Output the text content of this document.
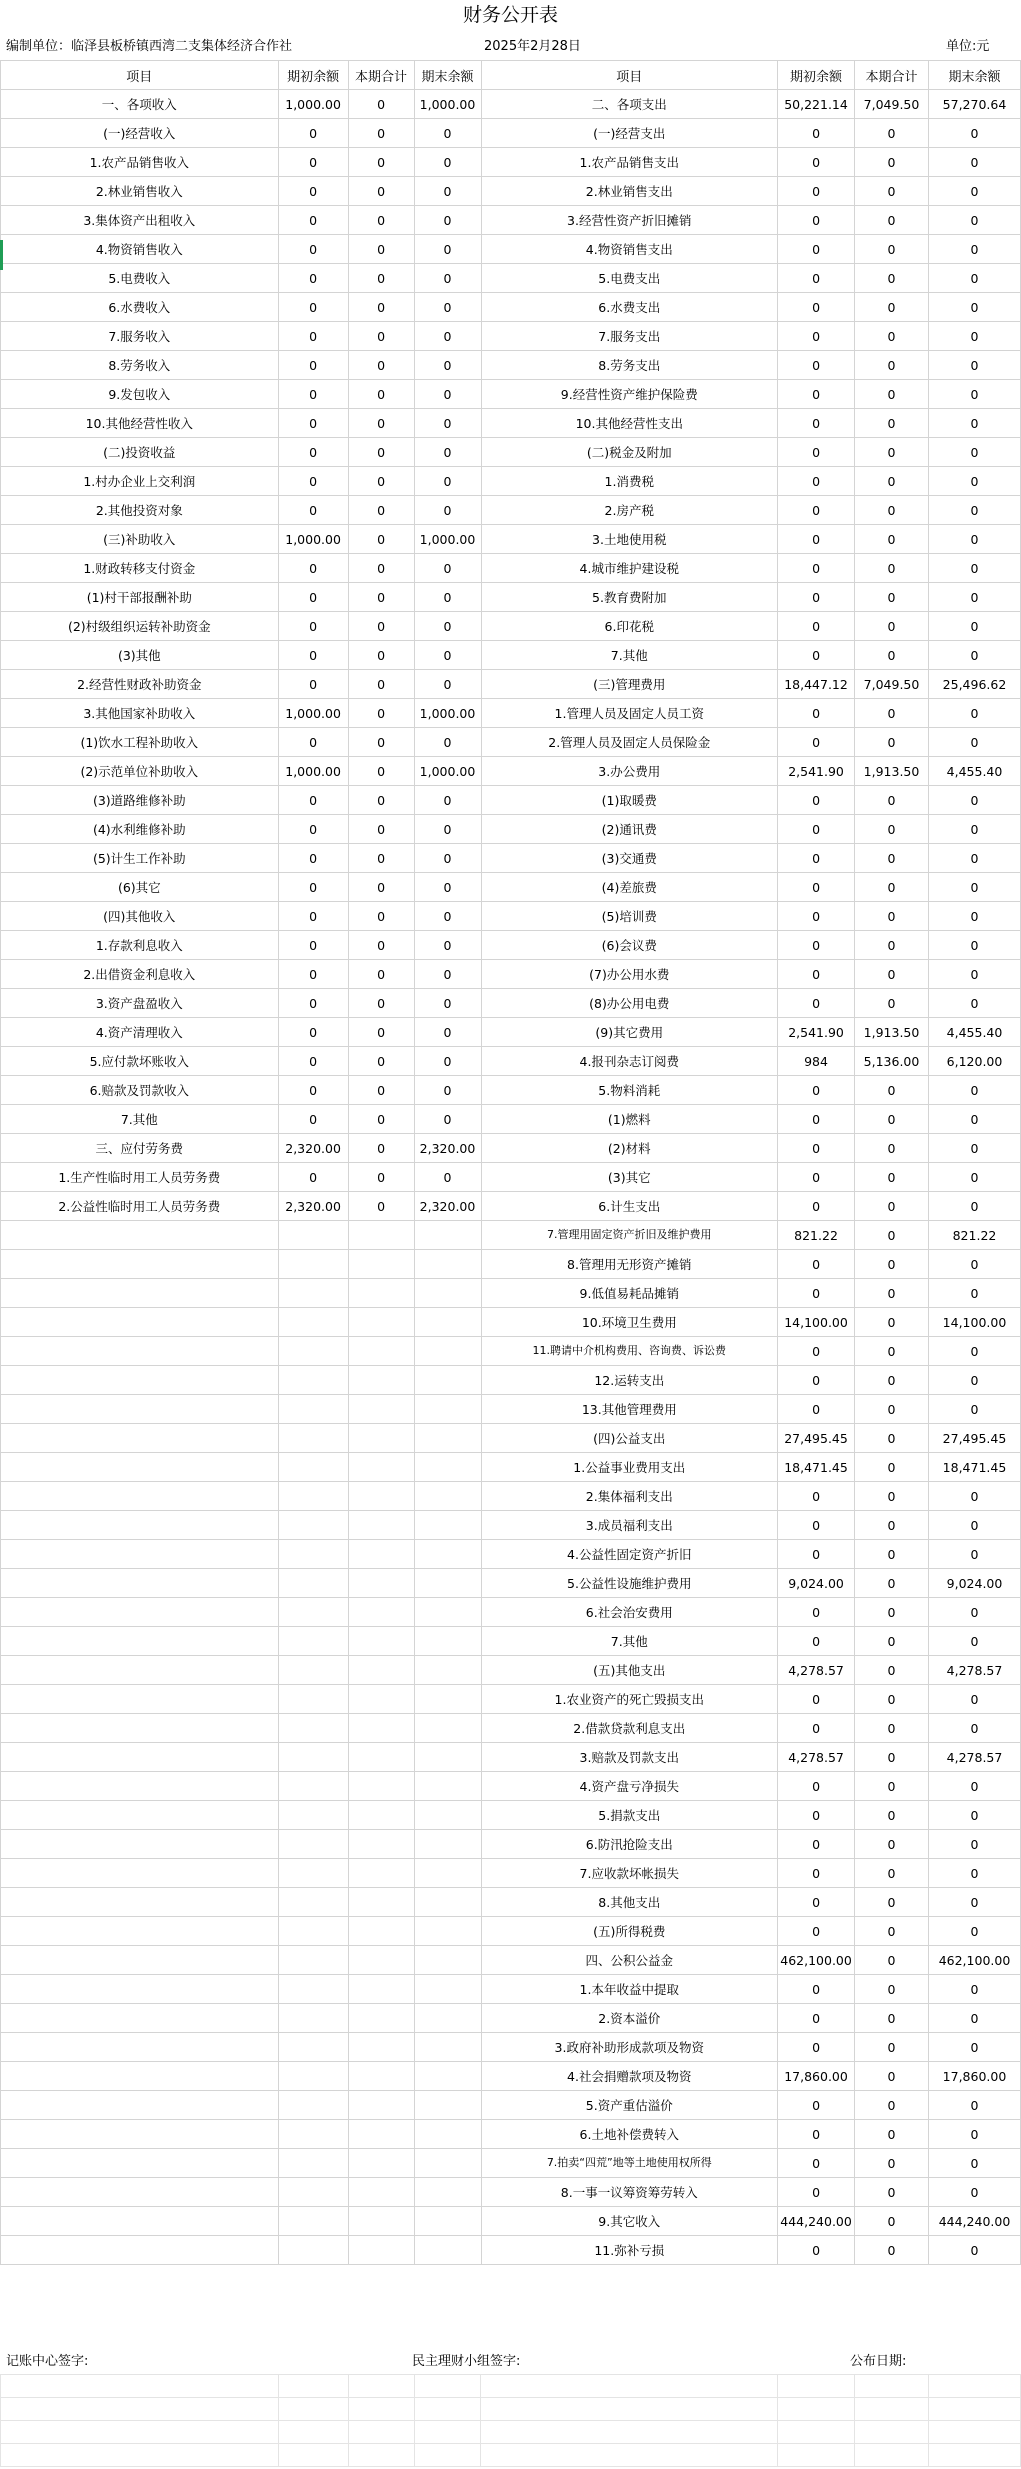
财务公开表
编制单位：临泽县板桥镇西湾二支集体经济合作社	2025年2月28日	单位:元
项目	期初余额	本期合计	期末余额	项目	期初余额	本期合计	期末余额
一、各项收入	1,000.00	0	1,000.00	二、各项支出	50,221.14	7,049.50	57,270.64
(一)经营收入	0	0	0	(一)经营支出	0	0	0
1.农产品销售收入	0	0	0	1.农产品销售支出	0	0	0
2.林业销售收入	0	0	0	2.林业销售支出	0	0	0
3.集体资产出租收入	0	0	0	3.经营性资产折旧摊销	0	0	0
4.物资销售收入	0	0	0	4.物资销售支出	0	0	0
5.电费收入	0	0	0	5.电费支出	0	0	0
6.水费收入	0	0	0	6.水费支出	0	0	0
7.服务收入	0	0	0	7.服务支出	0	0	0
8.劳务收入	0	0	0	8.劳务支出	0	0	0
9.发包收入	0	0	0	9.经营性资产维护保险费	0	0	0
10.其他经营性收入	0	0	0	10.其他经营性支出	0	0	0
(二)投资收益	0	0	0	(二)税金及附加	0	0	0
1.村办企业上交利润	0	0	0	1.消费税	0	0	0
2.其他投资对象	0	0	0	2.房产税	0	0	0
(三)补助收入	1,000.00	0	1,000.00	3.土地使用税	0	0	0
1.财政转移支付资金	0	0	0	4.城市维护建设税	0	0	0
(1)村干部报酬补助	0	0	0	5.教育费附加	0	0	0
(2)村级组织运转补助资金	0	0	0	6.印花税	0	0	0
(3)其他	0	0	0	7.其他	0	0	0
2.经营性财政补助资金	0	0	0	(三)管理费用	18,447.12	7,049.50	25,496.62
3.其他国家补助收入	1,000.00	0	1,000.00	1.管理人员及固定人员工资	0	0	0
(1)饮水工程补助收入	0	0	0	2.管理人员及固定人员保险金	0	0	0
(2)示范单位补助收入	1,000.00	0	1,000.00	3.办公费用	2,541.90	1,913.50	4,455.40
(3)道路维修补助	0	0	0	(1)取暖费	0	0	0
(4)水利维修补助	0	0	0	(2)通讯费	0	0	0
(5)计生工作补助	0	0	0	(3)交通费	0	0	0
(6)其它	0	0	0	(4)差旅费	0	0	0
(四)其他收入	0	0	0	(5)培训费	0	0	0
1.存款利息收入	0	0	0	(6)会议费	0	0	0
2.出借资金利息收入	0	0	0	(7)办公用水费	0	0	0
3.资产盘盈收入	0	0	0	(8)办公用电费	0	0	0
4.资产清理收入	0	0	0	(9)其它费用	2,541.90	1,913.50	4,455.40
5.应付款坏账收入	0	0	0	4.报刊杂志订阅费	984	5,136.00	6,120.00
6.赔款及罚款收入	0	0	0	5.物料消耗	0	0	0
7.其他	0	0	0	(1)燃料	0	0	0
三、应付劳务费	2,320.00	0	2,320.00	(2)材料	0	0	0
1.生产性临时用工人员劳务费	0	0	0	(3)其它	0	0	0
2.公益性临时用工人员劳务费	2,320.00	0	2,320.00	6.计生支出	0	0	0
				7.管理用固定资产折旧及维护费用	821.22	0	821.22
				8.管理用无形资产摊销	0	0	0
				9.低值易耗品摊销	0	0	0
				10.环境卫生费用	14,100.00	0	14,100.00
				11.聘请中介机构费用、咨询费、诉讼费	0	0	0
				12.运转支出	0	0	0
				13.其他管理费用	0	0	0
				(四)公益支出	27,495.45	0	27,495.45
				1.公益事业费用支出	18,471.45	0	18,471.45
				2.集体福利支出	0	0	0
				3.成员福利支出	0	0	0
				4.公益性固定资产折旧	0	0	0
				5.公益性设施维护费用	9,024.00	0	9,024.00
				6.社会治安费用	0	0	0
				7.其他	0	0	0
				(五)其他支出	4,278.57	0	4,278.57
				1.农业资产的死亡毁损支出	0	0	0
				2.借款贷款利息支出	0	0	0
				3.赔款及罚款支出	4,278.57	0	4,278.57
				4.资产盘亏净损失	0	0	0
				5.捐款支出	0	0	0
				6.防汛抢险支出	0	0	0
				7.应收款坏帐损失	0	0	0
				8.其他支出	0	0	0
				(五)所得税费	0	0	0
				四、公积公益金	462,100.00	0	462,100.00
				1.本年收益中提取	0	0	0
				2.资本溢价	0	0	0
				3.政府补助形成款项及物资	0	0	0
				4.社会捐赠款项及物资	17,860.00	0	17,860.00
				5.资产重估溢价	0	0	0
				6.土地补偿费转入	0	0	0
				7.拍卖“四荒”地等土地使用权所得	0	0	0
				8.一事一议筹资筹劳转入	0	0	0
				9.其它收入	444,240.00	0	444,240.00
				11.弥补亏损	0	0	0
记账中心签字:	民主理财小组签字:	公布日期:
